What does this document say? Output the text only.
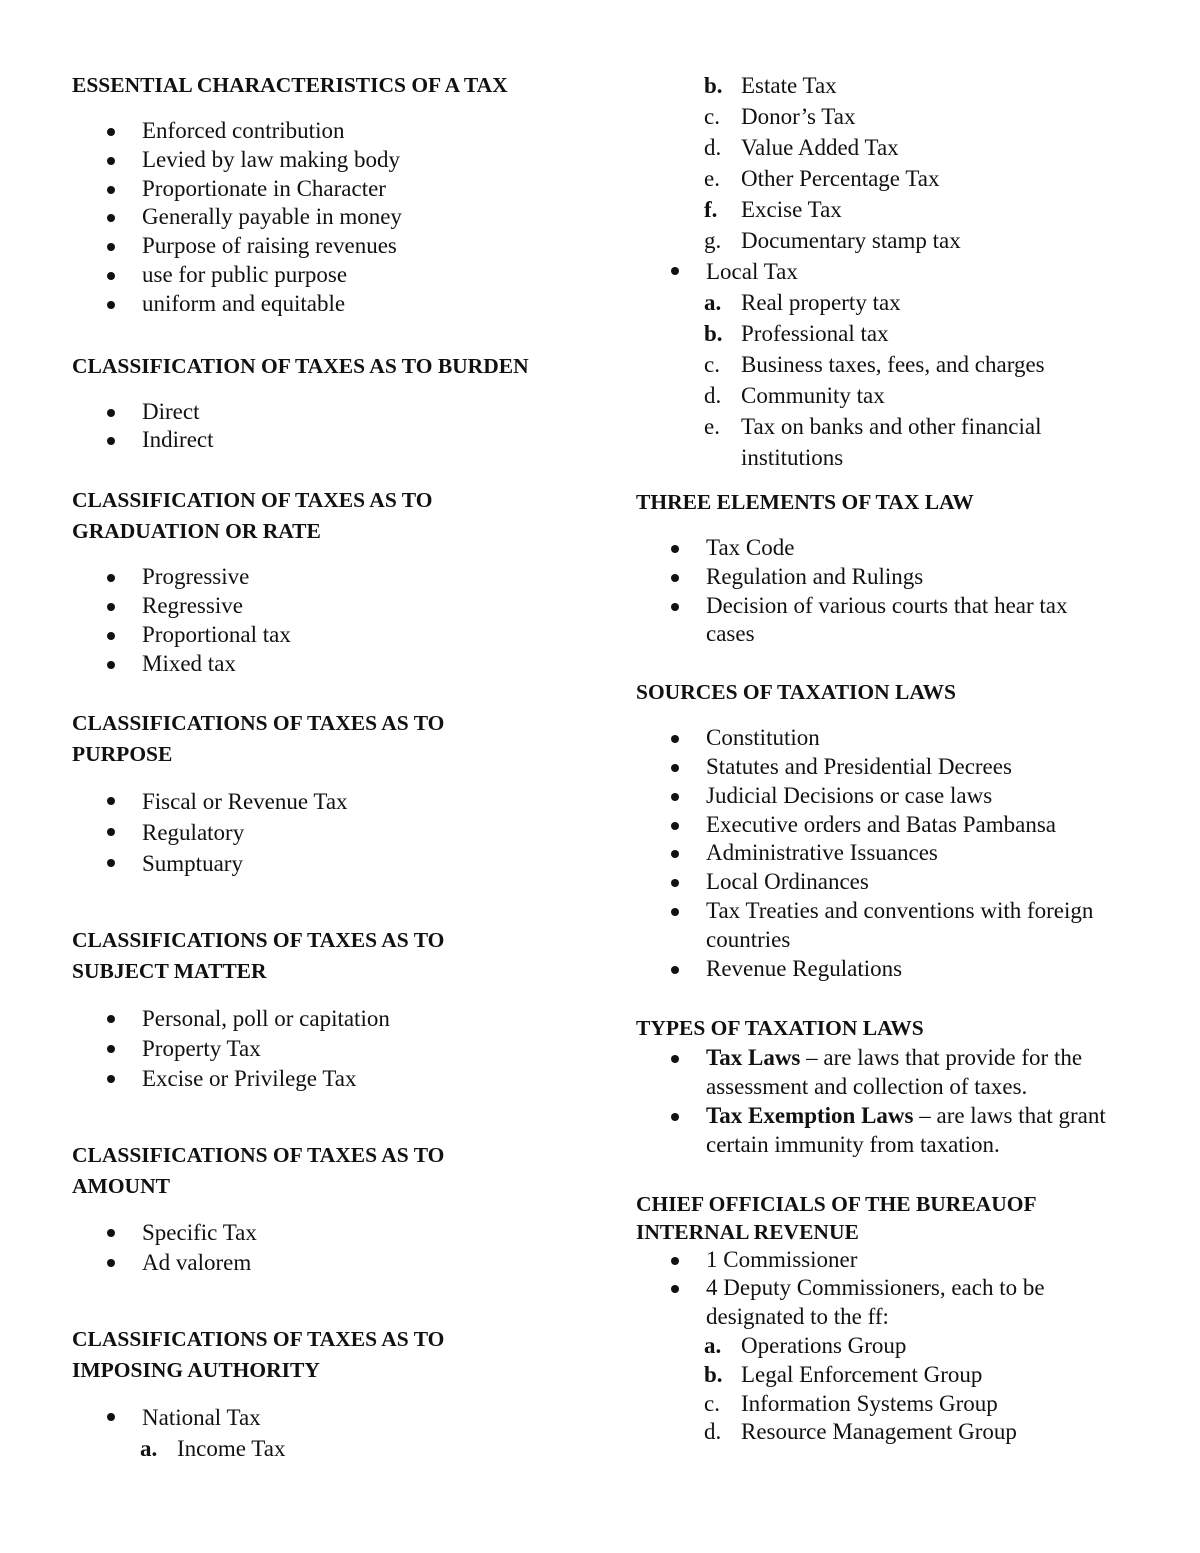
ESSENTIAL CHARACTERISTICS OF A TAX
Enforced contribution
Levied by law making body
Proportionate in Character
Generally payable in money
Purpose of raising revenues
use for public purpose
uniform and equitable
CLASSIFICATION OF TAXES AS TO BURDEN
Direct
Indirect
CLASSIFICATION OF TAXES AS TO
GRADUATION OR RATE
Progressive
Regressive
Proportional tax
Mixed tax
CLASSIFICATIONS OF TAXES AS TO
PURPOSE
Fiscal or Revenue Tax
Regulatory
Sumptuary
CLASSIFICATIONS OF TAXES AS TO
SUBJECT MATTER
Personal, poll or capitation
Property Tax
Excise or Privilege Tax
CLASSIFICATIONS OF TAXES AS TO
AMOUNT
Specific Tax
Ad valorem
CLASSIFICATIONS OF TAXES AS TO
IMPOSING AUTHORITY
National Tax
a. Income Tax
b. Estate Tax
c. Donor’s Tax
d. Value Added Tax
e. Other Percentage Tax
f.	Excise Tax
g. Documentary stamp tax
Local Tax
a. Real property tax
b. Professional tax
c. Business taxes, fees, and charges
d. Community tax
e. Tax on banks and other financial institutions
THREE ELEMENTS OF TAX LAW
Tax Code
Regulation and Rulings
Decision of various courts that hear tax cases
SOURCES OF TAXATION LAWS
Constitution
Statutes and Presidential Decrees
Judicial Decisions or case laws
Executive orders and Batas Pambansa
Administrative Issuances
Local Ordinances
Tax Treaties and conventions with foreign countries
Revenue Regulations
TYPES OF TAXATION LAWS
Tax Laws – are laws that provide for the assessment and collection of taxes.
Tax Exemption Laws – are laws that grant certain immunity from taxation.
CHIEF OFFICIALS OF THE BUREAUOF
INTERNAL REVENUE
1 Commissioner
4 Deputy Commissioners, each to be designated to the ff:
a. Operations Group
b. Legal Enforcement Group
c. Information Systems Group
d. Resource Management Group
